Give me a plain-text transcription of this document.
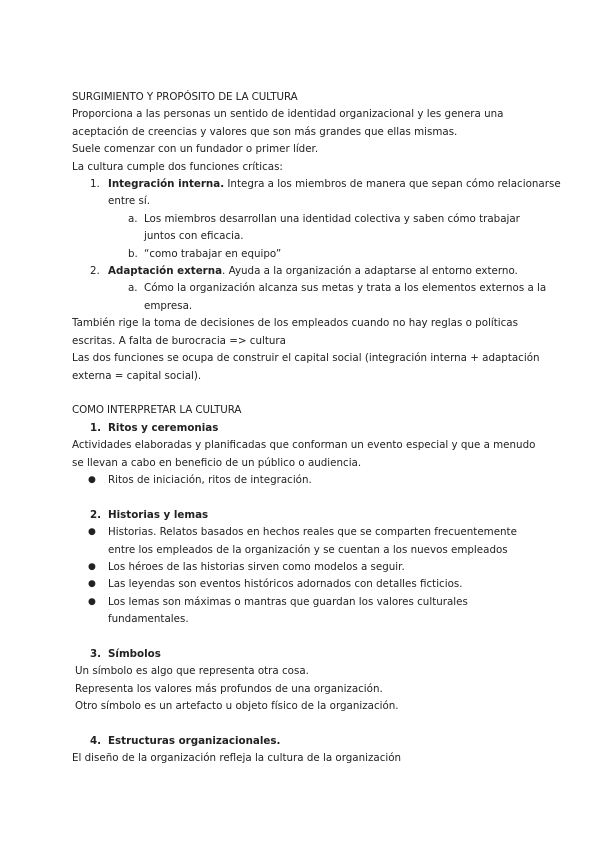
SURGIMIENTO Y PROPÓSITO DE LA CULTURA
Proporciona a las personas un sentido de identidad organizacional y les genera una
aceptación de creencias y valores que son más grandes que ellas mismas.
Suele comenzar con un fundador o primer líder.
La cultura cumple dos funciones críticas:
1. Integración interna. Integra a los miembros de manera que sepan cómo relacionarse
entre sí.
a. Los miembros desarrollan una identidad colectiva y saben cómo trabajar
juntos con eficacia.
b. “como trabajar en equipo”
2. Adaptación externa. Ayuda a la organización a adaptarse al entorno externo.
a. Cómo la organización alcanza sus metas y trata a los elementos externos a la
empresa.
También rige la toma de decisiones de los empleados cuando no hay reglas o políticas
escritas. A falta de burocracia => cultura
Las dos funciones se ocupa de construir el capital social (integración interna + adaptación
externa = capital social).
COMO INTERPRETAR LA CULTURA
1. Ritos y ceremonias
Actividades elaboradas y planificadas que conforman un evento especial y que a menudo
se llevan a cabo en beneficio de un público o audiencia.
● Ritos de iniciación, ritos de integración.
2. Historias y lemas
● Historias. Relatos basados en hechos reales que se comparten frecuentemente
entre los empleados de la organización y se cuentan a los nuevos empleados
● Los héroes de las historias sirven como modelos a seguir.
● Las leyendas son eventos históricos adornados con detalles ficticios.
● Los lemas son máximas o mantras que guardan los valores culturales
fundamentales.
3. Símbolos
Un símbolo es algo que representa otra cosa.
Representa los valores más profundos de una organización.
Otro símbolo es un artefacto u objeto físico de la organización.
4. Estructuras organizacionales.
El diseño de la organización refleja la cultura de la organización
